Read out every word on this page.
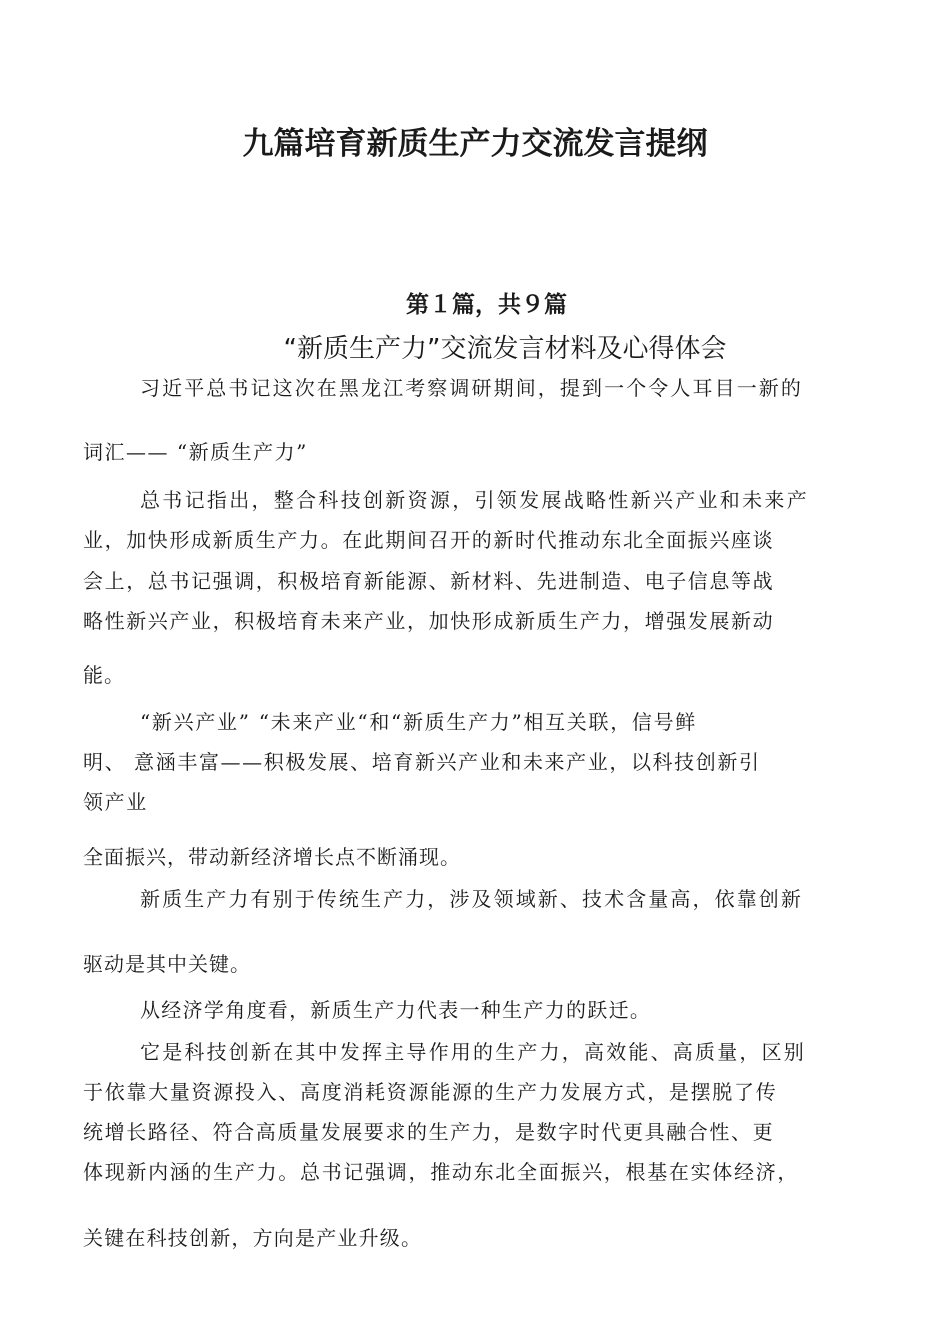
九篇培育新质生产力交流发言提纲
第１篇，共９篇
“新质生产力”交流发言材料及心得体会
习近平总书记这次在黑龙江考察调研期间，提到一个令人耳目一新的
词汇—— “新质生产力”
总书记指出，整合科技创新资源，引领发展战略性新兴产业和未来产
业，加快形成新质生产力。在此期间召开的新时代推动东北全面振兴座谈
会上，总书记强调，积极培育新能源、新材料、先进制造、电子信息等战
略性新兴产业，积极培育未来产业，加快形成新质生产力，增强发展新动
能。
“新兴产业” “未来产业“和“新质生产力”相互关联，信号鲜
明、 意涵丰富——积极发展、培育新兴产业和未来产业，以科技创新引
领产业
全面振兴，带动新经济增长点不断涌现。
新质生产力有别于传统生产力，涉及领域新、技术含量高，依靠创新
驱动是其中关键。
从经济学角度看，新质生产力代表一种生产力的跃迁。
它是科技创新在其中发挥主导作用的生产力，高效能、高质量，区别
于依靠大量资源投入、高度消耗资源能源的生产力发展方式，是摆脱了传
统增长路径、符合高质量发展要求的生产力，是数字时代更具融合性、更
体现新内涵的生产力。总书记强调，推动东北全面振兴，根基在实体经济，
关键在科技创新，方向是产业升级。
